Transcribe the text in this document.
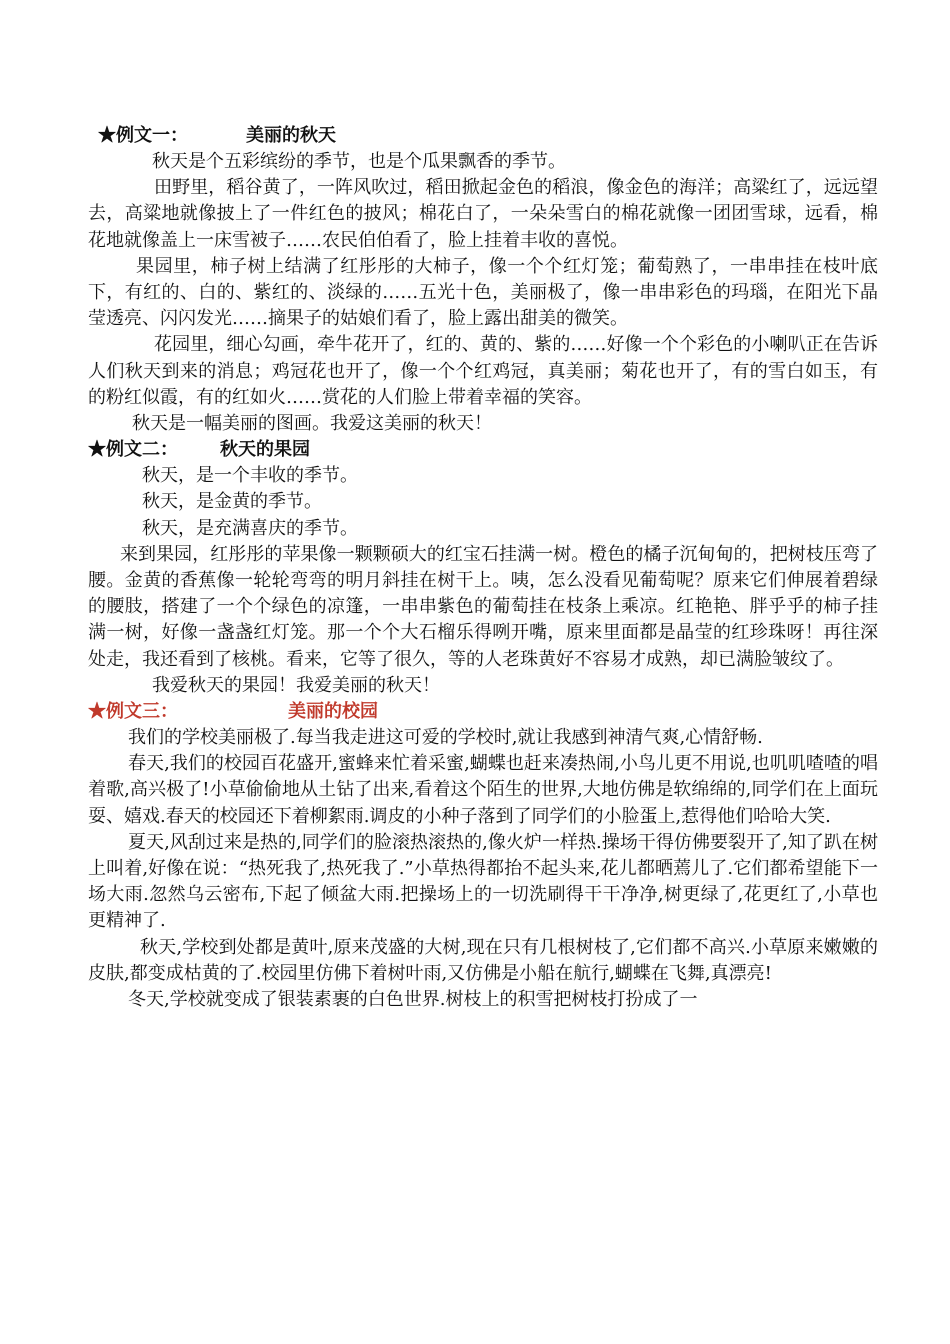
★例文一：	美丽的秋天

秋天是个五彩缤纷的季节，也是个瓜果飘香的季节。

田野里，稻谷黄了，一阵风吹过，稻田掀起金色的稻浪，像金色的海洋；高粱红了，远远望去，高粱地就像披上了一件红色的披风；棉花白了，一朵朵雪白的棉花就像一团团雪球，远看，棉花地就像盖上一床雪被子……农民伯伯看了，脸上挂着丰收的喜悦。

果园里，柿子树上结满了红彤彤的大柿子，像一个个红灯笼；葡萄熟了，一串串挂在枝叶底下，有红的、白的、紫红的、淡绿的……五光十色，美丽极了，像一串串彩色的玛瑙，在阳光下晶莹透亮、闪闪发光……摘果子的姑娘们看了，脸上露出甜美的微笑。

花园里，细心勾画，牵牛花开了，红的、黄的、紫的……好像一个个彩色的小喇叭正在告诉人们秋天到来的消息；鸡冠花也开了，像一个个红鸡冠，真美丽；菊花也开了，有的雪白如玉，有的粉红似霞，有的红如火……赏花的人们脸上带着幸福的笑容。

秋天是一幅美丽的图画。我爱这美丽的秋天！

★例文二： 秋天的果园

秋天，是一个丰收的季节。

秋天，是金黄的季节。

秋天，是充满喜庆的季节。

来到果园，红彤彤的苹果像一颗颗硕大的红宝石挂满一树。橙色的橘子沉甸甸的，把树枝压弯了腰。金黄的香蕉像一轮轮弯弯的明月斜挂在树干上。咦，怎么没看见葡萄呢？原来它们伸展着碧绿的腰肢，搭建了一个个绿色的凉篷，一串串紫色的葡萄挂在枝条上乘凉。红艳艳、胖乎乎的柿子挂满一树，好像一盏盏红灯笼。那一个个大石榴乐得咧开嘴，原来里面都是晶莹的红珍珠呀！再往深处走，我还看到了核桃。看来，它等了很久，等的人老珠黄好不容易才成熟，却已满脸皱纹了。

我爱秋天的果园！我爱美丽的秋天！

★例文三：	美丽的校园

我们的学校美丽极了.每当我走进这可爱的学校时,就让我感到神清气爽,心情舒畅.

春天,我们的校园百花盛开,蜜蜂来忙着采蜜,蝴蝶也赶来凑热闹,小鸟儿更不用说,也叽叽喳喳的唱着歌,高兴极了!小草偷偷地从土钻了出来,看着这个陌生的世界,大地仿佛是软绵绵的,同学们在上面玩耍、嬉戏.春天的校园还下着柳絮雨.调皮的小种子落到了同学们的小脸蛋上,惹得他们哈哈大笑.

夏天,风刮过来是热的,同学们的脸滚热滚热的,像火炉一样热.操场干得仿佛要裂开了,知了趴在树上叫着,好像在说：“热死我了,热死我了.”小草热得都抬不起头来,花儿都晒蔫儿了.它们都希望能下一场大雨.忽然乌云密布,下起了倾盆大雨.把操场上的一切洗刷得干干净净,树更绿了,花更红了,小草也更精神了.

秋天,学校到处都是黄叶,原来茂盛的大树,现在只有几根树枝了,它们都不高兴.小草原来嫩嫩的皮肤,都变成枯黄的了.校园里仿佛下着树叶雨,又仿佛是小船在航行,蝴蝶在飞舞,真漂亮!

冬天,学校就变成了银装素裹的白色世界.树枝上的积雪把树枝打扮成了一
